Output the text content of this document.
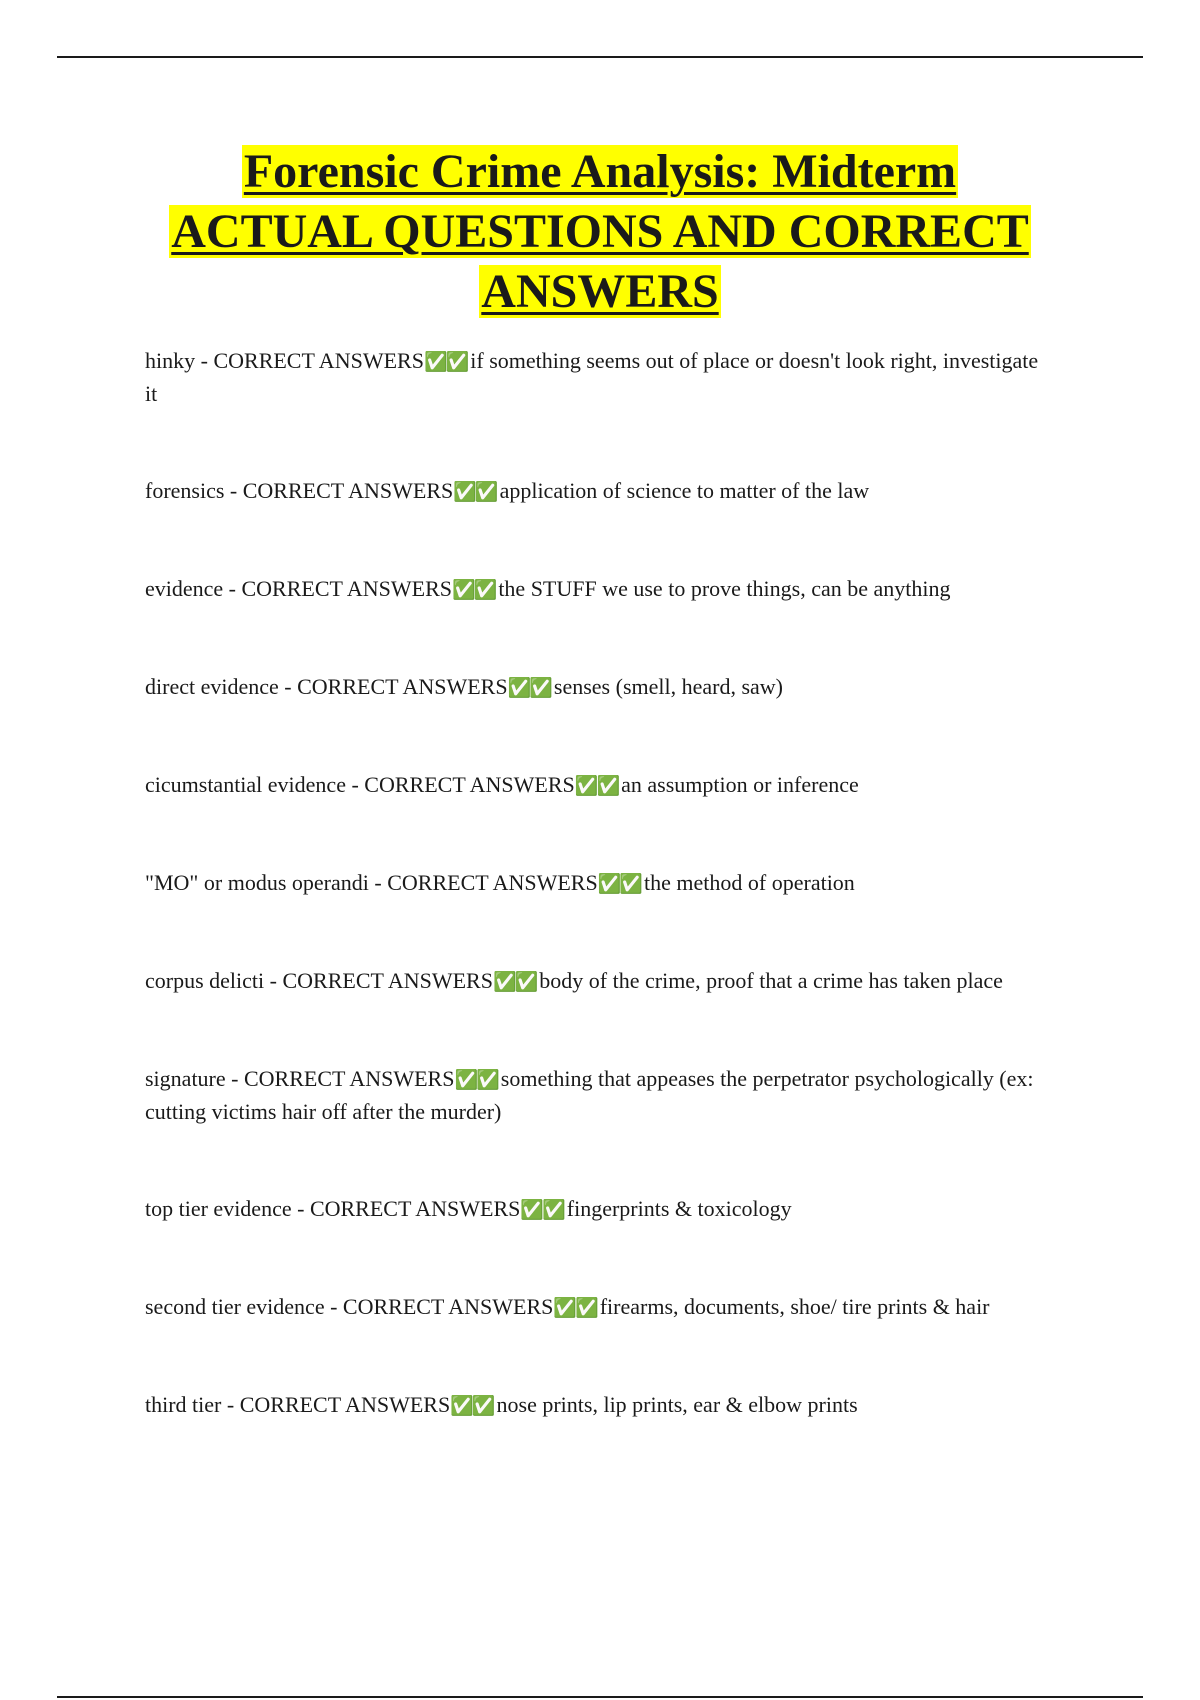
Forensic Crime Analysis: Midterm
ACTUAL QUESTIONS AND CORRECT
ANSWERS
hinky - CORRECT ANSWERS✅✅ if something seems out of place or doesn't look right, investigate it
forensics - CORRECT ANSWERS✅✅ application of science to matter of the law
evidence - CORRECT ANSWERS✅✅ the STUFF we use to prove things, can be anything
direct evidence - CORRECT ANSWERS✅✅ senses (smell, heard, saw)
cicumstantial evidence - CORRECT ANSWERS✅✅ an assumption or inference
"MO" or modus operandi - CORRECT ANSWERS✅✅ the method of operation
corpus delicti - CORRECT ANSWERS✅✅ body of the crime, proof that a crime has taken place
signature - CORRECT ANSWERS✅✅ something that appeases the perpetrator psychologically (ex: cutting victims hair off after the murder)
top tier evidence - CORRECT ANSWERS✅✅ fingerprints & toxicology
second tier evidence - CORRECT ANSWERS✅✅ firearms, documents, shoe/ tire prints & hair
third tier - CORRECT ANSWERS✅✅ nose prints, lip prints, ear & elbow prints
